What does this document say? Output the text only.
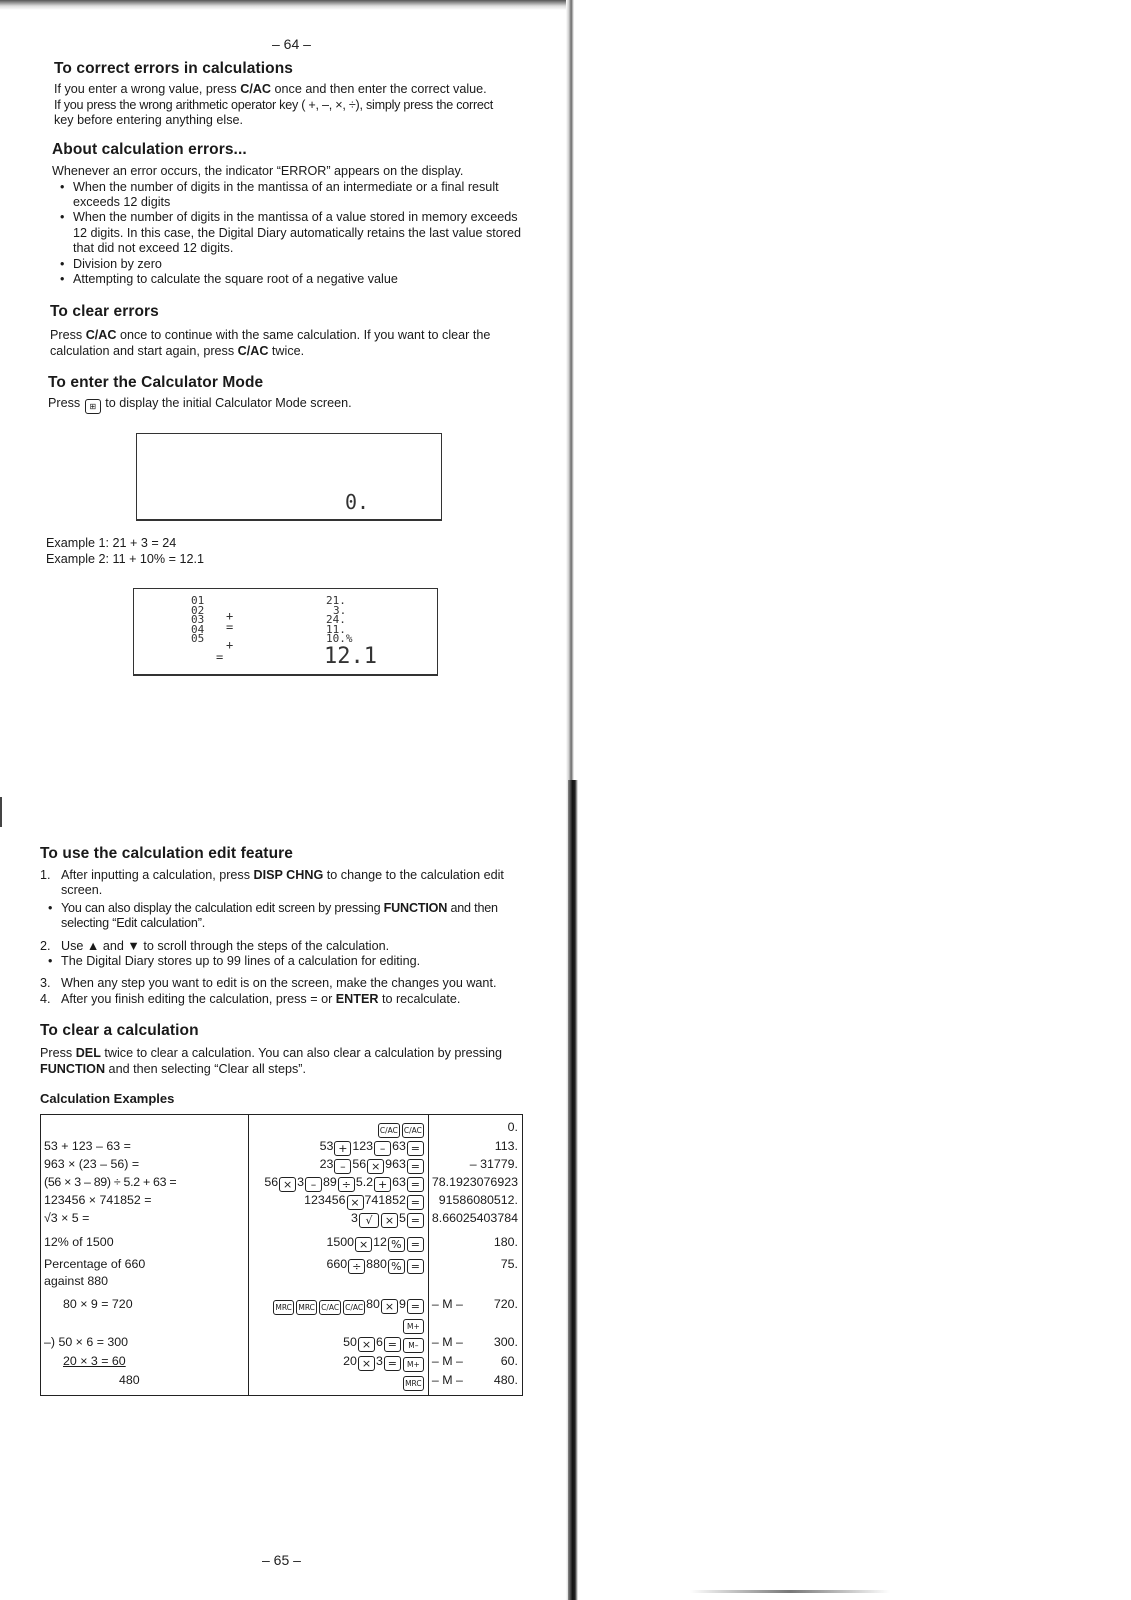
– 64 –
To correct errors in calculations
If you enter a wrong value, press C/AC once and then enter the correct value.
If you press the wrong arithmetic operator key ( +, –, ×, ÷), simply press the correct
key before entering anything else.
About calculation errors...
Whenever an error occurs, the indicator “ERROR” appears on the display.
• When the number of digits in the mantissa of an intermediate or a final result exceeds 12 digits
• When the number of digits in the mantissa of a value stored in memory exceeds 12 digits. In this case, the Digital Diary automatically retains the last value stored that did not exceed 12 digits.
• Division by zero
• Attempting to calculate the square root of a negative value
To clear errors
Press C/AC once to continue with the same calculation. If you want to clear the calculation and start again, press C/AC twice.
To enter the Calculator Mode
Press ⊞ to display the initial Calculator Mode screen.
0.
Example 1: 21 + 3 = 24
Example 2: 11 + 10% = 12.1
01
02
03
04
05
+
=
+
=
21.
3.
24.
11.
10.%
12.1
To use the calculation edit feature
1. After inputting a calculation, press DISP CHNG to change to the calculation edit screen.
• You can also display the calculation edit screen by pressing FUNCTION and then selecting “Edit calculation”.
2. Use ▲ and ▼ to scroll through the steps of the calculation.
• The Digital Diary stores up to 99 lines of a calculation for editing.
3. When any step you want to edit is on the screen, make the changes you want.
4. After you finish editing the calculation, press = or ENTER to recalculate.
To clear a calculation
Press DEL twice to clear a calculation. You can also clear a calculation by pressing FUNCTION and then selecting “Clear all steps”.
Calculation Examples
	C/AC C/AC	0.
53 + 123 – 63 =	53 + 123 – 63 =	113.
963 × (23 – 56) =	23 – 56 × 963 =	– 31779.
(56 × 3 – 89) ÷ 5.2 + 63 =	56 × 3 – 89 ÷ 5.2 + 63 =	78.1923076923
123456 × 741852 =	123456 × 741852 =	91586080512.
√3 × 5 =	3 √ × 5 =	8.66025403784
12% of 1500	1500 × 12 % =	180.

Percentage of 660
against 880	660 ÷ 880 % =	75.
80 × 9 = 720	MRC MRC C/AC C/AC 80 × 9 =M+	– M – 720.
–) 50 × 6 = 300	50 × 6 = M–	– M – 300.
20 × 3 = 60	20 × 3 = M+	– M – 60.
480	MRC	– M – 480.
– 65 –
